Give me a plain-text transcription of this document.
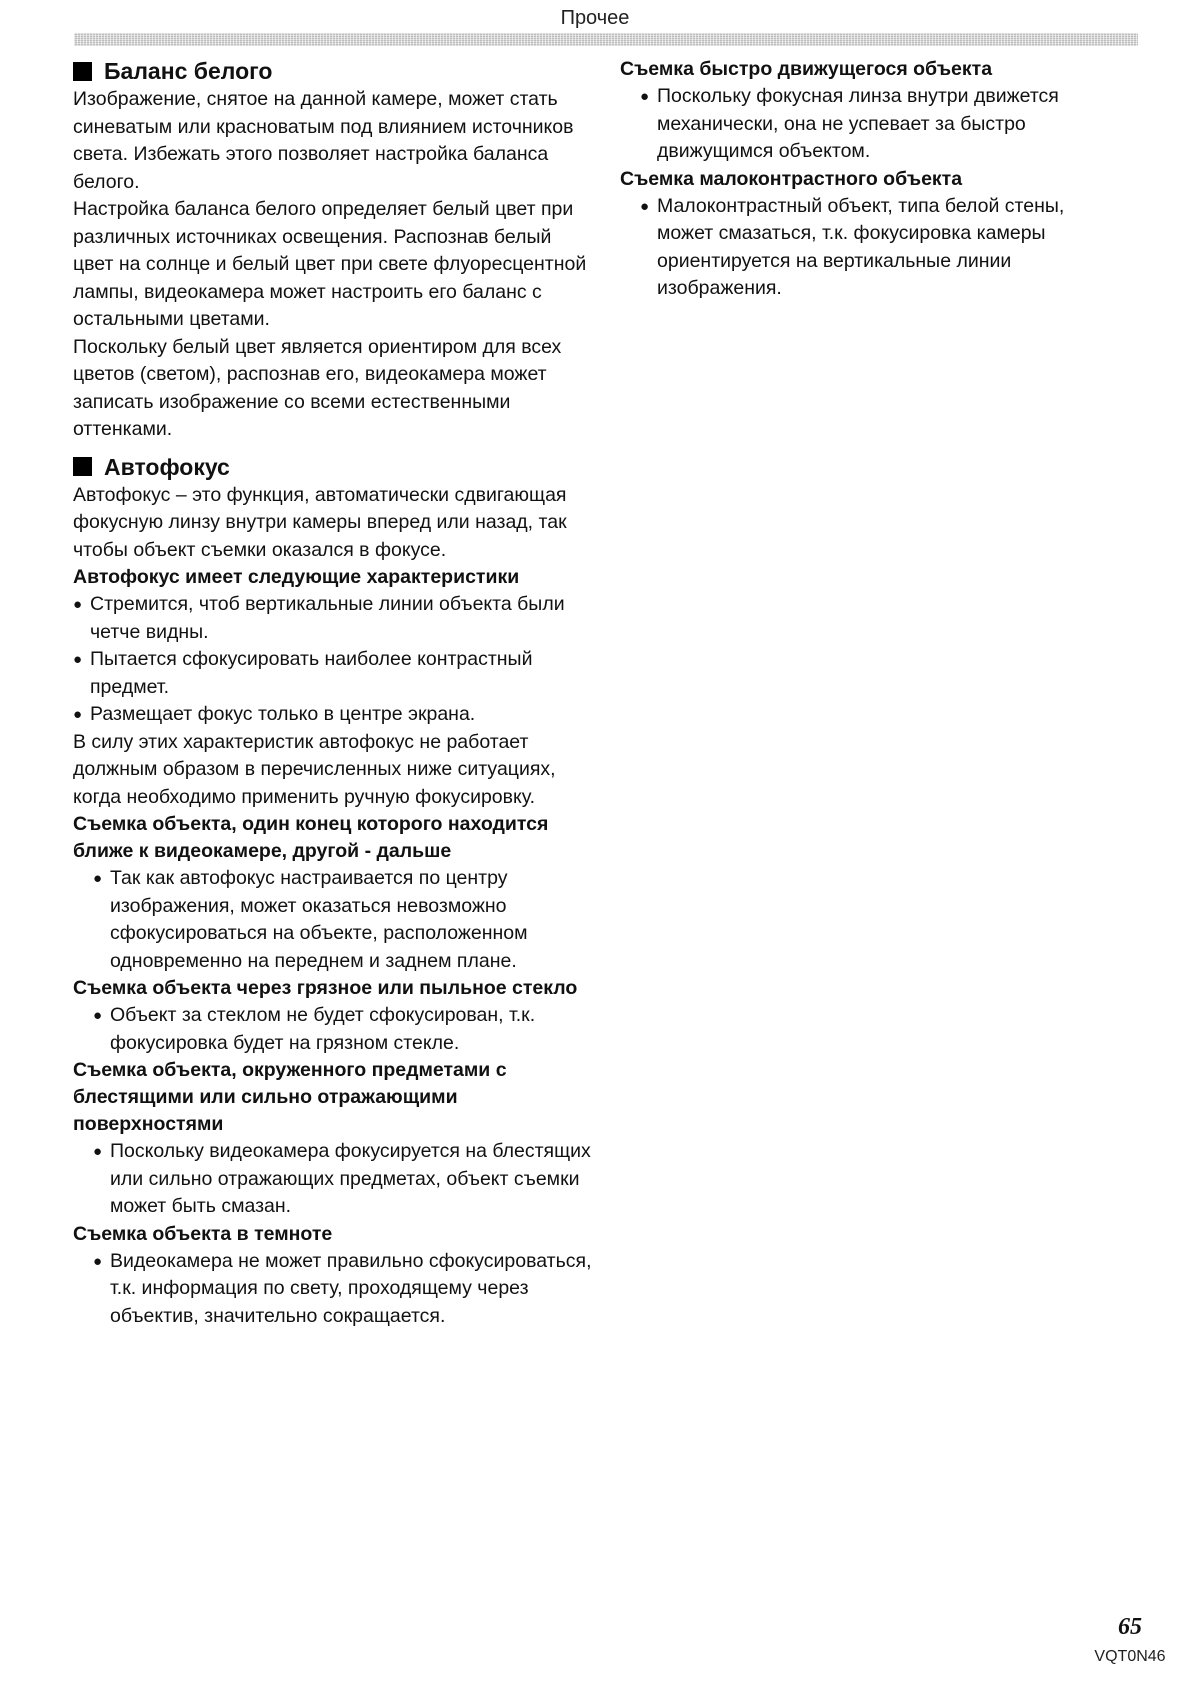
Прочее
Баланс белого

Изображение, снятое на данной камере, может стать синеватым или красноватым под влиянием источников света. Избежать этого позволяет настройка баланса белого.

Настройка баланса белого определяет белый цвет при различных источниках освещения. Распознав белый цвет на солнце и белый цвет при свете флуоресцентной лампы, видеокамера может настроить его баланс с остальными цветами.

Поскольку белый цвет является ориентиром для всех цветов (светом), распознав его, видеокамера может записать изображение со всеми естественными оттенками.

Автофокус

Автофокус – это функция, автоматически сдвигающая фокусную линзу внутри камеры вперед или назад, так чтобы объект съемки оказался в фокусе.

Автофокус имеет следующие характеристики

● Стремится, чтоб вертикальные линии объекта были четче видны.

● Пытается сфокусировать наиболее контрастный предмет.

● Размещает фокус только в центре экрана.

В силу этих характеристик автофокус не работает должным образом в перечисленных ниже ситуациях, когда необходимо применить ручную фокусировку.

Съемка объекта, один конец которого находится ближе к видеокамере, другой - дальше

● Так как автофокус настраивается по центру изображения, может оказаться невозможно сфокусироваться на объекте, расположенном одновременно на переднем и заднем плане.

Съемка объекта через грязное или пыльное стекло

● Объект за стеклом не будет сфокусирован, т.к. фокусировка будет на грязном стекле.

Съемка объекта, окруженного предметами с блестящими или сильно отражающими поверхностями

● Поскольку видеокамера фокусируется на блестящих или сильно отражающих предметах, объект съемки может быть смазан.

Съемка объекта в темноте

● Видеокамера не может правильно сфокусироваться, т.к. информация по свету, проходящему через объектив, значительно сокращается.

Съемка быстро движущегося объекта

● Поскольку фокусная линза внутри движется механически, она не успевает за быстро движущимся объектом.

Съемка малоконтрастного объекта

● Малоконтрастный объект, типа белой стены, может смазаться, т.к. фокусировка камеры ориентируется на вертикальные линии изображения.

65
VQT0N46
